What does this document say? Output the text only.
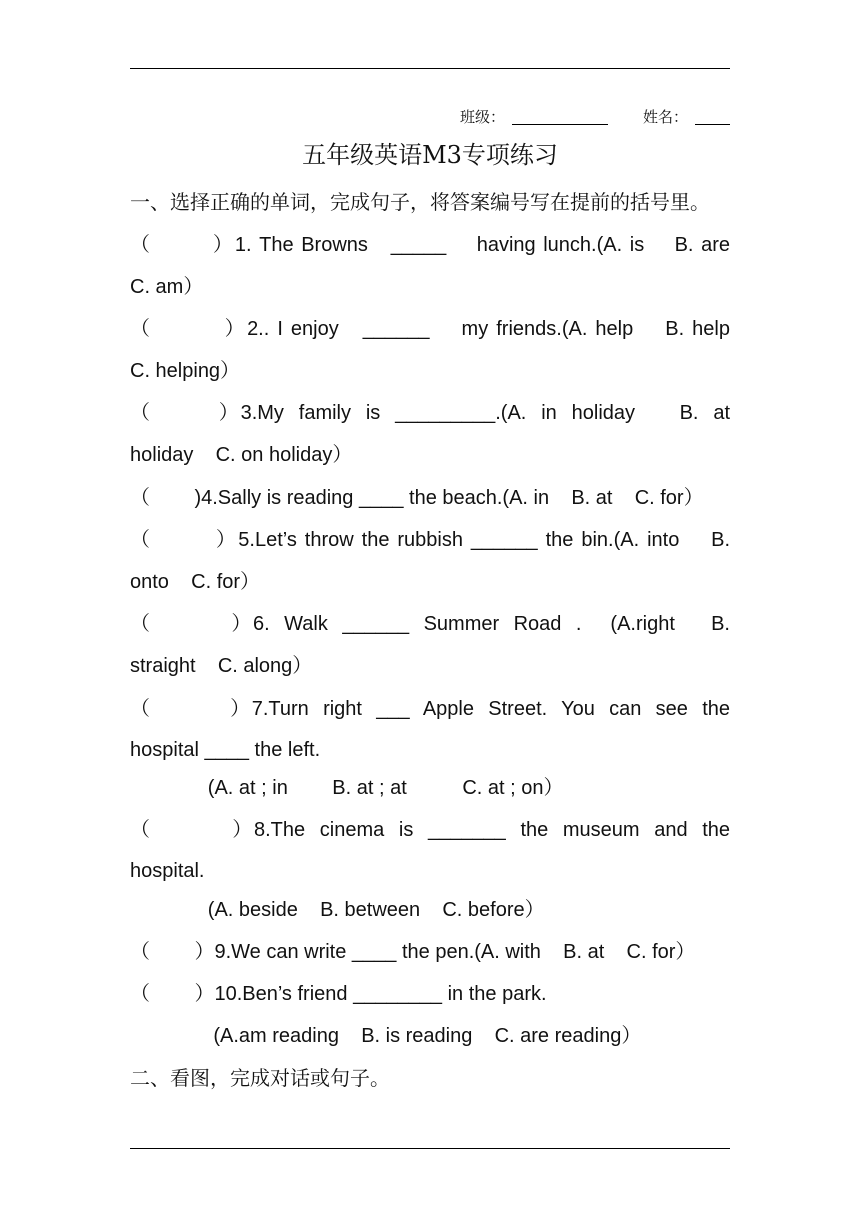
班级：	姓名：
五年级英语M3专项练习
一、选择正确的单词，完成句子，将答案编号写在提前的括号里。
（        ）1. The Browns   _____    having lunch.(A. is    B. are
C. am）
（         ）2.. I enjoy   ______    my friends.(A. help    B. help
C. helping）
（         ）3.My  family  is  _________.(A.  in  holiday      B.  at
holiday    C. on holiday）
（        )4.Sally is reading ____ the beach.(A. in    B. at    C. for）
（        ）5.Let’s throw the rubbish ______ the bin.(A. into    B.
onto    C. for）
（           ）6.  Walk  ______  Summer  Road  .    (A.right     B.
straight    C. along）
（           ）7.Turn  right  ___  Apple  Street.  You  can  see  the
hospital ____ the left.
(A. at ; in        B. at ; at          C. at ; on）
（           ）8.The  cinema  is  _______  the  museum  and  the
hospital.
(A. beside    B. between    C. before）
（        ）9.We can write ____ the pen.(A. with    B. at    C. for）
（        ）10.Ben’s friend ________ in the park.
(A.am reading    B. is reading    C. are reading）
二、看图，完成对话或句子。
